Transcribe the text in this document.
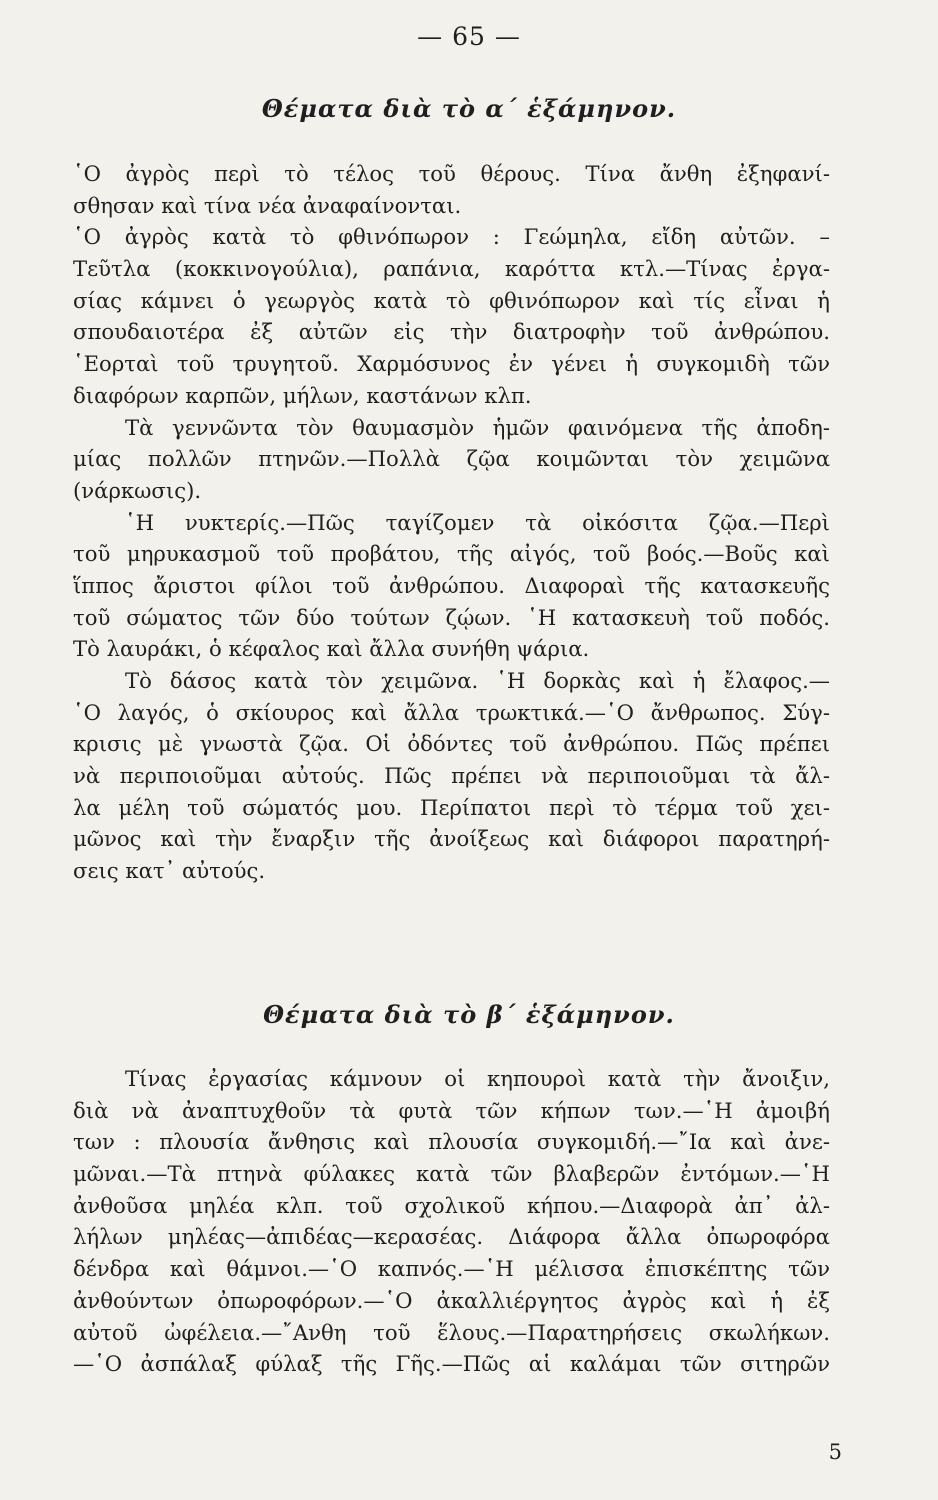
— 65 —
Θέματα διὰ τὸ α΄ ἑξάμηνον.
῾Ο ἀγρὸς περὶ τὸ τέλος τοῦ θέρους. Τίνα ἄνθη ἐξηφανί-
σθησαν καὶ τίνα νέα ἀναφαίνονται.
῾Ο ἀγρὸς κατὰ τὸ φθινόπωρον : Γεώμηλα, εἴδη αὐτῶν. –
Τεῦτλα (κοκκινογούλια), ραπάνια, καρόττα κτλ.—Τίνας ἐργα-
σίας κάμνει ὁ γεωργὸς κατὰ τὸ φθινόπωρον καὶ τίς εἶναι ἡ
σπουδαιοτέρα ἐξ αὐτῶν εἰς τὴν διατροφὴν τοῦ ἀνθρώπου.
῾Εορταὶ τοῦ τρυγητοῦ. Χαρμόσυνος ἐν γένει ἡ συγκομιδὴ τῶν
διαφόρων καρπῶν, μήλων, καστάνων κλπ.
Τὰ γεννῶντα τὸν θαυμασμὸν ἡμῶν φαινόμενα τῆς ἀποδη-
μίας πολλῶν πτηνῶν.—Πολλὰ ζῷα κοιμῶνται τὸν χειμῶνα
(νάρκωσις).
῾Η νυκτερίς.—Πῶς ταγίζομεν τὰ οἰκόσιτα ζῷα.—Περὶ
τοῦ μηρυκασμοῦ τοῦ προβάτου, τῆς αἰγός, τοῦ βοός.—Βοῦς καὶ
ἵππος ἄριστοι φίλοι τοῦ ἀνθρώπου. Διαφοραὶ τῆς κατασκευῆς
τοῦ σώματος τῶν δύο τούτων ζῴων. ῾Η κατασκευὴ τοῦ ποδός.
Τὸ λαυράκι, ὁ κέφαλος καὶ ἄλλα συνήθη ψάρια.
Τὸ δάσος κατὰ τὸν χειμῶνα. ῾Η δορκὰς καὶ ἡ ἔλαφος.—
῾Ο λαγός, ὁ σκίουρος καὶ ἄλλα τρωκτικά.—῾Ο ἄνθρωπος. Σύγ-
κρισις μὲ γνωστὰ ζῷα. Οἱ ὀδόντες τοῦ ἀνθρώπου. Πῶς πρέπει
νὰ περιποιοῦμαι αὐτούς. Πῶς πρέπει νὰ περιποιοῦμαι τὰ ἄλ-
λα μέλη τοῦ σώματός μου. Περίπατοι περὶ τὸ τέρμα τοῦ χει-
μῶνος καὶ τὴν ἔναρξιν τῆς ἀνοίξεως καὶ διάφοροι παρατηρή-
σεις κατ᾽ αὐτούς.
Θέματα διὰ τὸ β΄ ἑξάμηνον.
Τίνας ἐργασίας κάμνουν οἱ κηπουροὶ κατὰ τὴν ἄνοιξιν,
διὰ νὰ ἀναπτυχθοῦν τὰ φυτὰ τῶν κήπων των.—῾Η ἀμοιβή
των : πλουσία ἄνθησις καὶ πλουσία συγκομιδή.—῎Ια καὶ ἀνε-
μῶναι.—Τὰ πτηνὰ φύλακες κατὰ τῶν βλαβερῶν ἐντόμων.—῾Η
ἀνθοῦσα μηλέα κλπ. τοῦ σχολικοῦ κήπου.—Διαφορὰ ἀπ᾽ ἀλ-
λήλων μηλέας—ἀπιδέας—κερασέας. Διάφορα ἄλλα ὀπωροφόρα
δένδρα καὶ θάμνοι.—῾Ο καπνός.—῾Η μέλισσα ἐπισκέπτης τῶν
ἀνθούντων ὀπωροφόρων.—῾Ο ἀκαλλιέργητος ἀγρὸς καὶ ἡ ἐξ
αὐτοῦ ὠφέλεια.—῎Ανθη τοῦ ἕλους.—Παρατηρήσεις σκωλήκων.
—῾Ο ἀσπάλαξ φύλαξ τῆς Γῆς.—Πῶς αἱ καλάμαι τῶν σιτηρῶν
5
